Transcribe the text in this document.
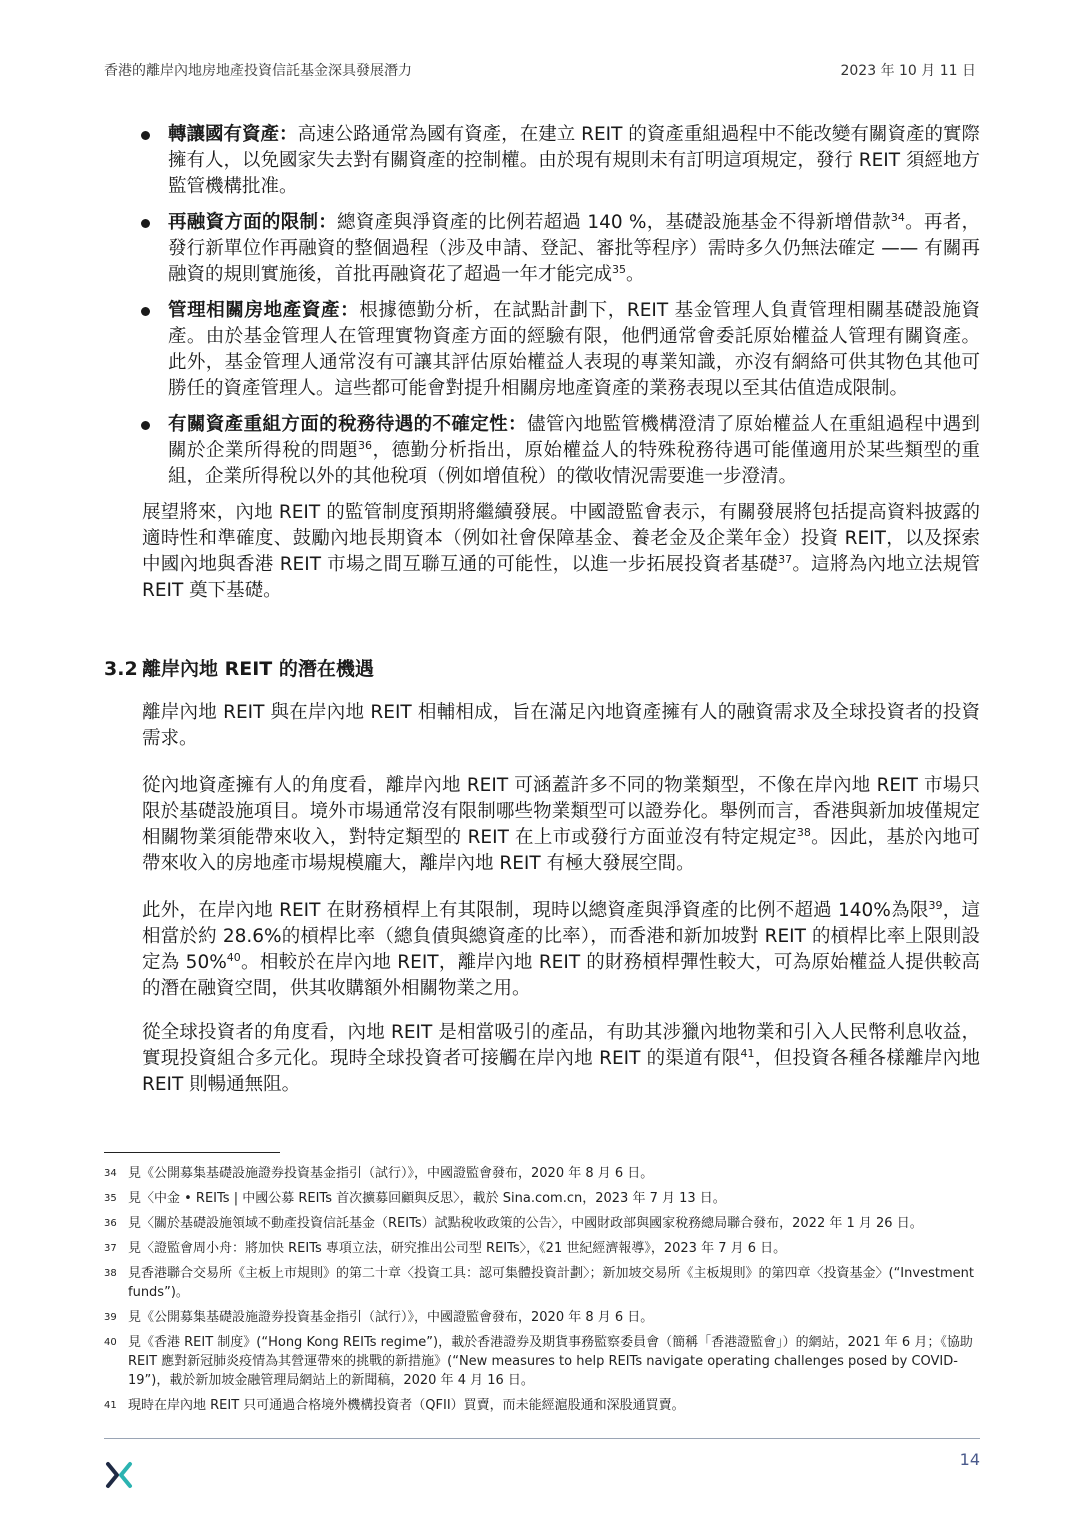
香港的離岸內地房地產投資信託基金深具發展潛力	2023 年 10 月 11 日
轉讓國有資產：高速公路通常為國有資產，在建立 REIT 的資產重組過程中不能改變有關資產的實際擁有人，以免國家失去對有關資產的控制權。由於現有規則未有訂明這項規定，發行 REIT 須經地方監管機構批准。
再融資方面的限制：總資產與淨資產的比例若超過 140 %，基礎設施基金不得新增借款$^{34}$。再者，發行新單位作再融資的整個過程（涉及申請、登記、審批等程序）需時多久仍無法確定 —— 有關再融資的規則實施後，首批再融資花了超過一年才能完成$^{35}$。
管理相關房地產資產：根據德勤分析，在試點計劃下，REIT 基金管理人負責管理相關基礎設施資產。由於基金管理人在管理實物資產方面的經驗有限，他們通常會委託原始權益人管理有關資產。此外，基金管理人通常沒有可讓其評估原始權益人表現的專業知識，亦沒有網絡可供其物色其他可勝任的資產管理人。這些都可能會對提升相關房地產資產的業務表現以至其估值造成限制。
有關資產重組方面的稅務待遇的不確定性：儘管內地監管機構澄清了原始權益人在重組過程中遇到關於企業所得稅的問題$^{36}$，德勤分析指出，原始權益人的特殊稅務待遇可能僅適用於某些類型的重組，企業所得稅以外的其他稅項（例如增值稅）的徵收情況需要進一步澄清。

展望將來，內地 REIT 的監管制度預期將繼續發展。中國證監會表示，有關發展將包括提高資料披露的適時性和準確度、鼓勵內地長期資本（例如社會保障基金、養老金及企業年金）投資 REIT，以及探索中國內地與香港 REIT 市場之間互聯互通的可能性，以進一步拓展投資者基礎$^{37}$。這將為內地立法規管 REIT 奠下基礎。

3.2 離岸內地 REIT 的潛在機遇

離岸內地 REIT 與在岸內地 REIT 相輔相成，旨在滿足內地資產擁有人的融資需求及全球投資者的投資需求。

從內地資產擁有人的角度看，離岸內地 REIT 可涵蓋許多不同的物業類型，不像在岸內地 REIT 市場只限於基礎設施項目。境外市場通常沒有限制哪些物業類型可以證券化。舉例而言，香港與新加坡僅規定相關物業須能帶來收入，對特定類型的 REIT 在上市或發行方面並沒有特定規定$^{38}$。因此，基於內地可帶來收入的房地產市場規模龐大，離岸內地 REIT 有極大發展空間。

此外，在岸內地 REIT 在財務槓桿上有其限制，現時以總資產與淨資產的比例不超過 140%為限$^{39}$，這相當於約 28.6%的槓桿比率（總負債與總資產的比率），而香港和新加坡對 REIT 的槓桿比率上限則設定為 50%$^{40}$。相較於在岸內地 REIT，離岸內地 REIT 的財務槓桿彈性較大，可為原始權益人提供較高的潛在融資空間，供其收購額外相關物業之用。

從全球投資者的角度看，內地 REIT 是相當吸引的產品，有助其涉獵內地物業和引入人民幣利息收益，實現投資組合多元化。現時全球投資者可接觸在岸內地 REIT 的渠道有限$^{41}$，但投資各種各樣離岸內地 REIT 則暢通無阻。

34 見《公開募集基礎設施證券投資基金指引（試行）》，中國證監會發布，2020 年 8 月 6 日。
35 見〈中金 • REITs | 中國公募 REITs 首次擴募回顧與反思〉，載於 Sina.com.cn，2023 年 7 月 13 日。
36 見〈關於基礎設施領域不動產投資信託基金（REITs）試點稅收政策的公告〉，中國財政部與國家稅務總局聯合發布，2022 年 1 月 26 日。
37 見〈證監會周小舟：將加快 REITs 專項立法，研究推出公司型 REITs〉，《21 世紀經濟報導》，2023 年 7 月 6 日。
38 見香港聯合交易所《主板上市規則》的第二十章〈投資工具：認可集體投資計劃〉；新加坡交易所《主板規則》的第四章〈投資基金〉(“Investment funds”)。
39 見《公開募集基礎設施證券投資基金指引（試行）》，中國證監會發布，2020 年 8 月 6 日。
40 見《香港 REIT 制度》(“Hong Kong REITs regime”)，載於香港證券及期貨事務監察委員會（簡稱「香港證監會」）的網站，2021 年 6 月；《協助 REIT 應對新冠肺炎疫情為其營運帶來的挑戰的新措施》(“New measures to help REITs navigate operating challenges posed by COVID-19”)，載於新加坡金融管理局網站上的新聞稿，2020 年 4 月 16 日。
41 現時在岸內地 REIT 只可通過合格境外機構投資者（QFII）買賣，而未能經滬股通和深股通買賣。
14
